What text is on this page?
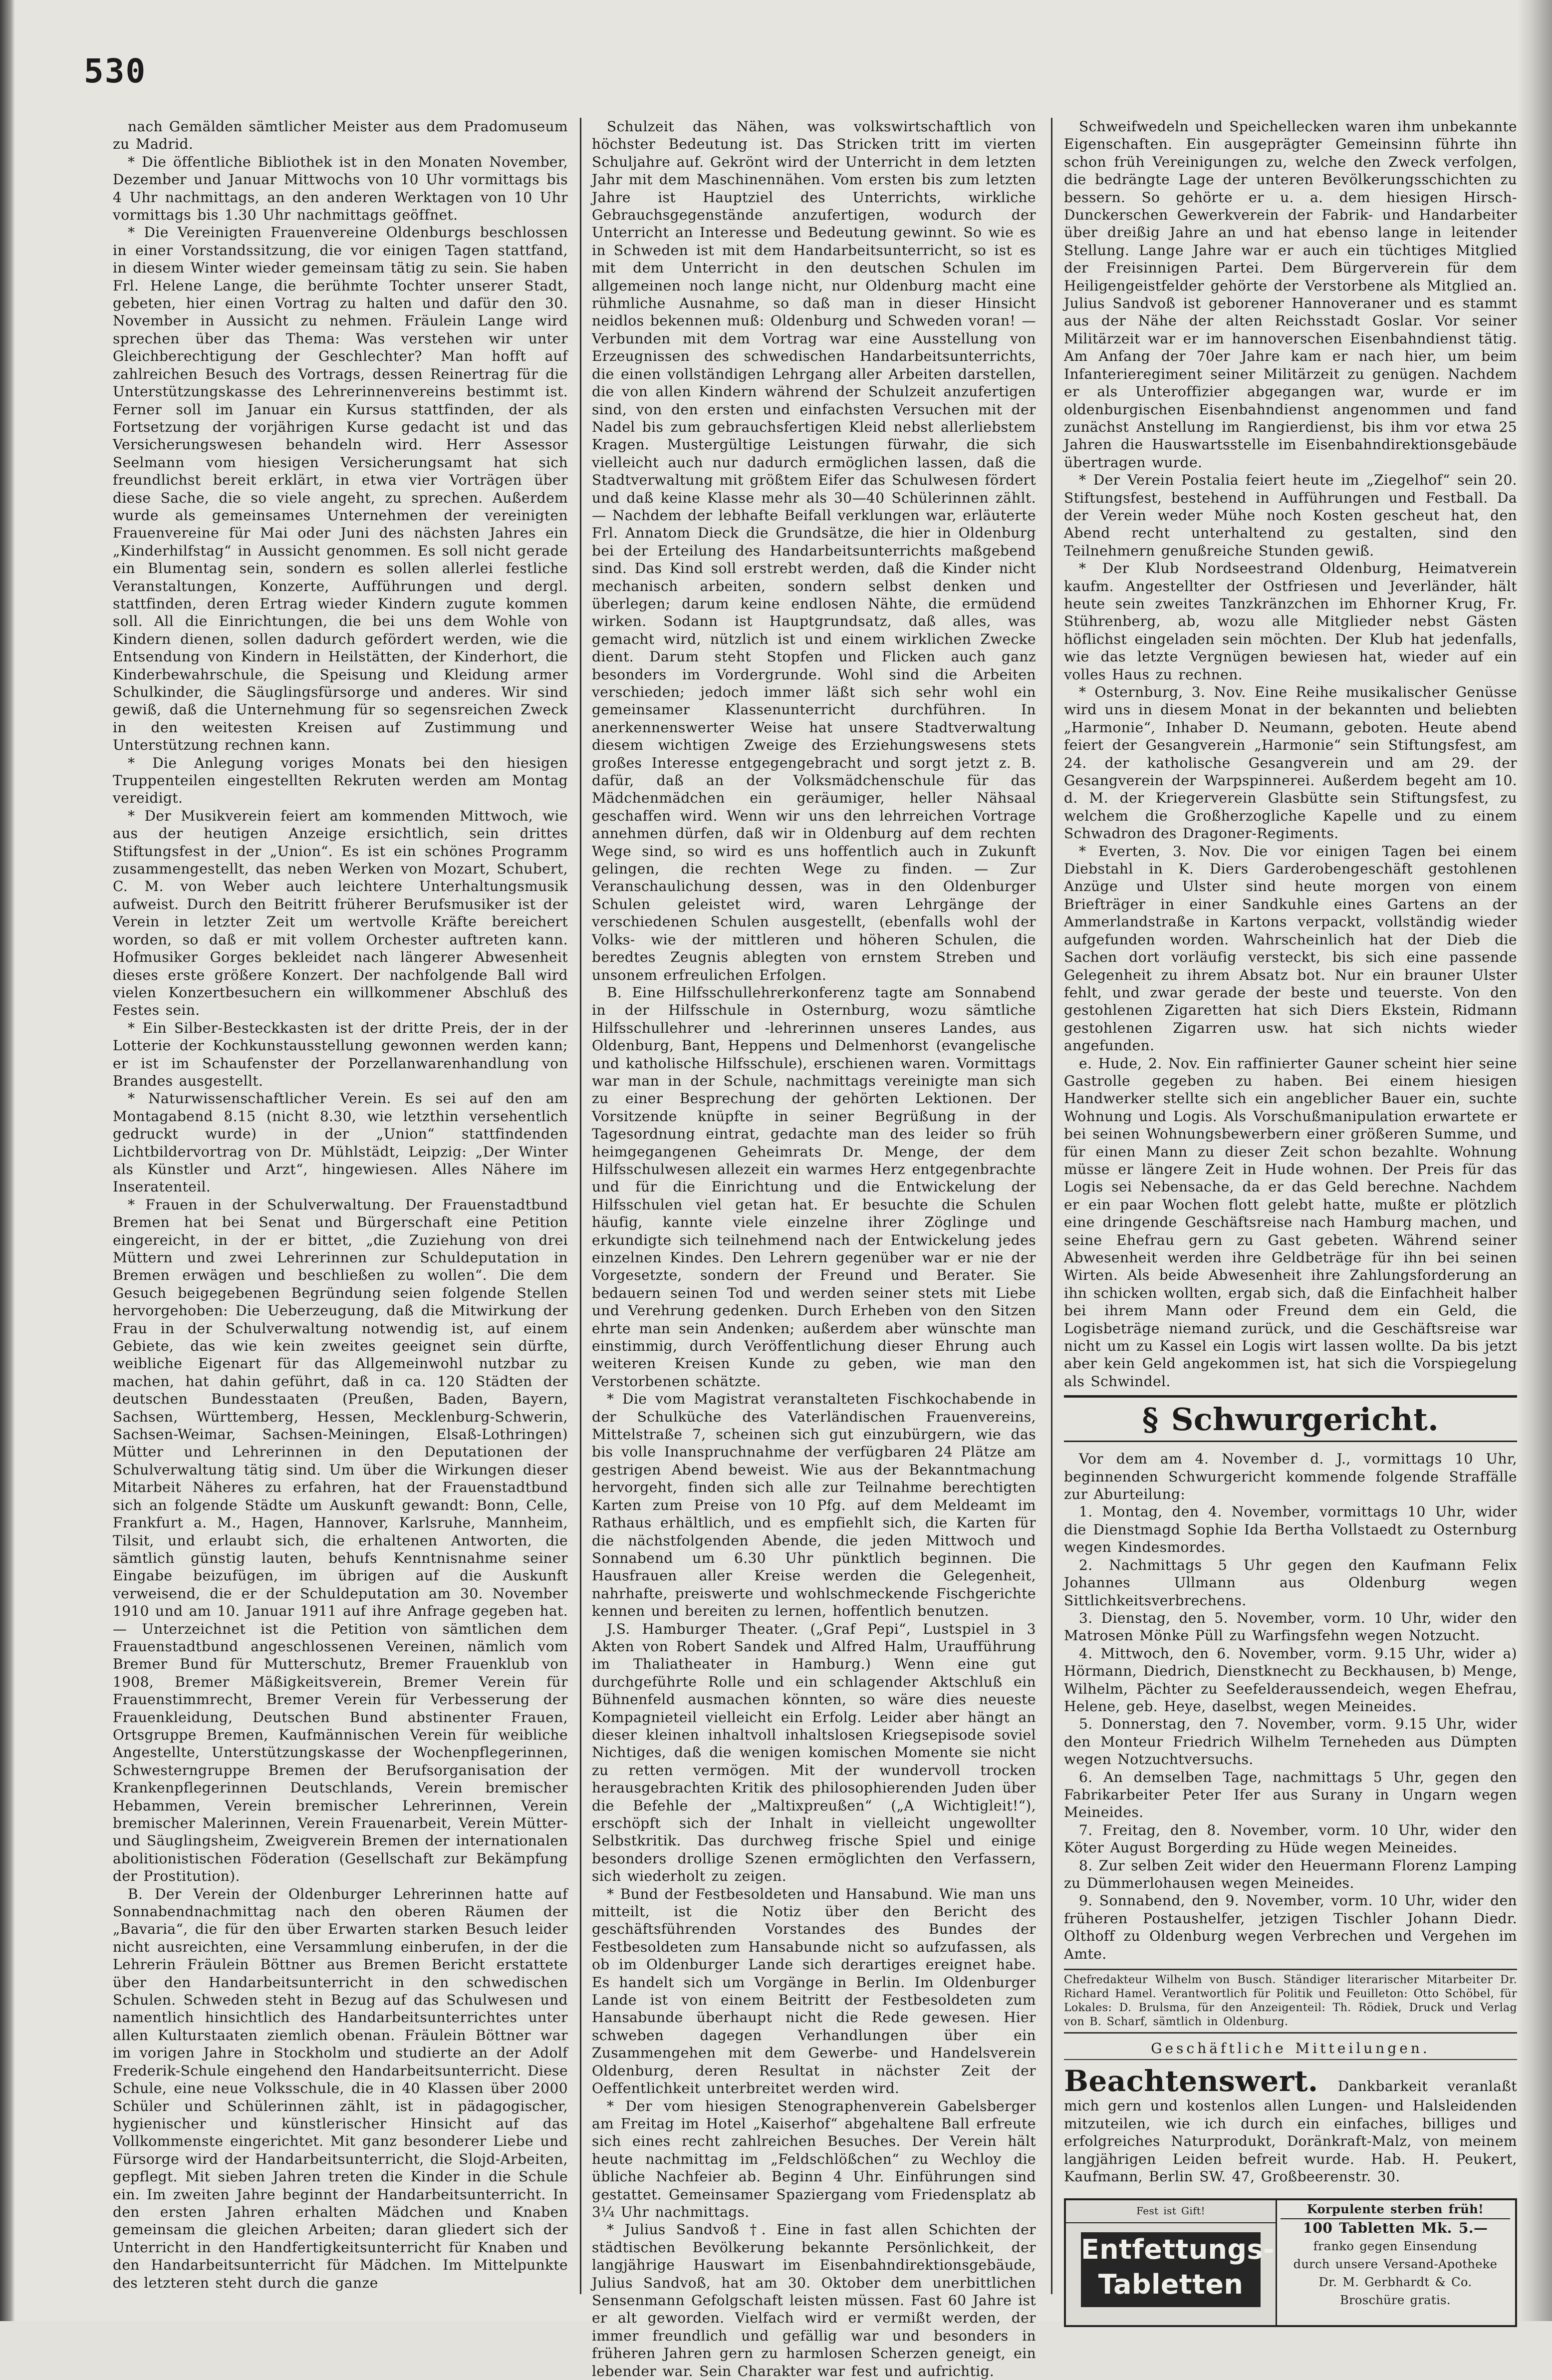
530

nach Gemälden sämtlicher Meister aus dem Pradomuseum zu Madrid.

* Die öffentliche Bibliothek ist in den Monaten November, Dezember und Januar Mittwochs von 10 Uhr vormittags bis 4 Uhr nachmittags, an den anderen Werktagen von 10 Uhr vormittags bis 1.30 Uhr nachmittags geöffnet.

* Die Vereinigten Frauenvereine Oldenburgs beschlossen in einer Vorstandssitzung, die vor einigen Tagen stattfand, in diesem Winter wieder gemeinsam tätig zu sein. Sie haben Frl. Helene Lange, die berühmte Tochter unserer Stadt, gebeten, hier einen Vortrag zu halten und dafür den 30. November in Aussicht zu nehmen. Fräulein Lange wird sprechen über das Thema: Was verstehen wir unter Gleichberechtigung der Geschlechter? Man hofft auf zahlreichen Besuch des Vortrags, dessen Reinertrag für die Unterstützungskasse des Lehrerinnenvereins bestimmt ist. Ferner soll im Januar ein Kursus stattfinden, der als Fortsetzung der vorjährigen Kurse gedacht ist und das Versicherungswesen behandeln wird. Herr Assessor Seelmann vom hiesigen Versicherungsamt hat sich freundlichst bereit erklärt, in etwa vier Vorträgen über diese Sache, die so viele angeht, zu sprechen. Außerdem wurde als gemeinsames Unternehmen der vereinigten Frauenvereine für Mai oder Juni des nächsten Jahres ein „Kinderhilfstag“ in Aussicht genommen. Es soll nicht gerade ein Blumentag sein, sondern es sollen allerlei festliche Veranstaltungen, Konzerte, Aufführungen und dergl. stattfinden, deren Ertrag wieder Kindern zugute kommen soll. All die Einrichtungen, die bei uns dem Wohle von Kindern dienen, sollen dadurch gefördert werden, wie die Entsendung von Kindern in Heilstätten, der Kinderhort, die Kinderbewahrschule, die Speisung und Kleidung armer Schulkinder, die Säuglingsfürsorge und anderes. Wir sind gewiß, daß die Unternehmung für so segensreichen Zweck in den weitesten Kreisen auf Zustimmung und Unterstützung rechnen kann.

* Die Anlegung voriges Monats bei den hiesigen Truppenteilen eingestellten Rekruten werden am Montag vereidigt.

* Der Musikverein feiert am kommenden Mittwoch, wie aus der heutigen Anzeige ersichtlich, sein drittes Stiftungsfest in der „Union“. Es ist ein schönes Programm zusammengestellt, das neben Werken von Mozart, Schubert, C. M. von Weber auch leichtere Unterhaltungsmusik aufweist. Durch den Beitritt früherer Berufsmusiker ist der Verein in letzter Zeit um wertvolle Kräfte bereichert worden, so daß er mit vollem Orchester auftreten kann. Hofmusiker Gorges bekleidet nach längerer Abwesenheit dieses erste größere Konzert. Der nachfolgende Ball wird vielen Konzertbesuchern ein willkommener Abschluß des Festes sein.

* Ein Silber-Besteckkasten ist der dritte Preis, der in der Lotterie der Kochkunstausstellung gewonnen werden kann; er ist im Schaufenster der Porzellanwarenhandlung von Brandes ausgestellt.

* Naturwissenschaftlicher Verein. Es sei auf den am Montagabend 8.15 (nicht 8.30, wie letzthin versehentlich gedruckt wurde) in der „Union“ stattfindenden Lichtbildervortrag von Dr. Mühlstädt, Leipzig: „Der Winter als Künstler und Arzt“, hingewiesen. Alles Nähere im Inseratenteil.

* Frauen in der Schulverwaltung. Der Frauenstadtbund Bremen hat bei Senat und Bürgerschaft eine Petition eingereicht, in der er bittet, „die Zuziehung von drei Müttern und zwei Lehrerinnen zur Schuldeputation in Bremen erwägen und beschließen zu wollen“. Die dem Gesuch beigegebenen Begründung seien folgende Stellen hervorgehoben: Die Ueberzeugung, daß die Mitwirkung der Frau in der Schulverwaltung notwendig ist, auf einem Gebiete, das wie kein zweites geeignet sein dürfte, weibliche Eigenart für das Allgemeinwohl nutzbar zu machen, hat dahin geführt, daß in ca. 120 Städten der deutschen Bundesstaaten (Preußen, Baden, Bayern, Sachsen, Württemberg, Hessen, Mecklenburg-Schwerin, Sachsen-Weimar, Sachsen-Meiningen, Elsaß-Lothringen) Mütter und Lehrerinnen in den Deputationen der Schulverwaltung tätig sind. Um über die Wirkungen dieser Mitarbeit Näheres zu erfahren, hat der Frauenstadtbund sich an folgende Städte um Auskunft gewandt: Bonn, Celle, Frankfurt a. M., Hagen, Hannover, Karlsruhe, Mannheim, Tilsit, und erlaubt sich, die erhaltenen Antworten, die sämtlich günstig lauten, behufs Kenntnisnahme seiner Eingabe beizufügen, im übrigen auf die Auskunft verweisend, die er der Schuldeputation am 30. November 1910 und am 10. Januar 1911 auf ihre Anfrage gegeben hat. — Unterzeichnet ist die Petition von sämtlichen dem Frauenstadtbund angeschlossenen Vereinen, nämlich vom Bremer Bund für Mutterschutz, Bremer Frauenklub von 1908, Bremer Mäßigkeitsverein, Bremer Verein für Frauenstimmrecht, Bremer Verein für Verbesserung der Frauenkleidung, Deutschen Bund abstinenter Frauen, Ortsgruppe Bremen, Kaufmännischen Verein für weibliche Angestellte, Unterstützungskasse der Wochenpflegerinnen, Schwesterngruppe Bremen der Berufsorganisation der Krankenpflegerinnen Deutschlands, Verein bremischer Hebammen, Verein bremischer Lehrerinnen, Verein bremischer Malerinnen, Verein Frauenarbeit, Verein Mütter- und Säuglingsheim, Zweigverein Bremen der internationalen abolitionistischen Föderation (Gesellschaft zur Bekämpfung der Prostitution).

B. Der Verein der Oldenburger Lehrerinnen hatte auf Sonnabendnachmittag nach den oberen Räumen der „Bavaria“, die für den über Erwarten starken Besuch leider nicht ausreichten, eine Versammlung einberufen, in der die Lehrerin Fräulein Böttner aus Bremen Bericht erstattete über den Handarbeitsunterricht in den schwedischen Schulen. Schweden steht in Bezug auf das Schulwesen und namentlich hinsichtlich des Handarbeitsunterrichtes unter allen Kulturstaaten ziemlich obenan. Fräulein Böttner war im vorigen Jahre in Stockholm und studierte an der Adolf Frederik-Schule eingehend den Handarbeitsunterricht. Diese Schule, eine neue Volksschule, die in 40 Klassen über 2000 Schüler und Schülerinnen zählt, ist in pädagogischer, hygienischer und künstlerischer Hinsicht auf das Vollkommenste eingerichtet. Mit ganz besonderer Liebe und Fürsorge wird der Handarbeitsunterricht, die Slojd-Arbeiten, gepflegt. Mit sieben Jahren treten die Kinder in die Schule ein. Im zweiten Jahre beginnt der Handarbeitsunterricht. In den ersten Jahren erhalten Mädchen und Knaben gemeinsam die gleichen Arbeiten; daran gliedert sich der Unterricht in den Handfertigkeitsunterricht für Knaben und den Handarbeitsunterricht für Mädchen. Im Mittelpunkte des letzteren steht durch die ganze

Schulzeit das Nähen, was volkswirtschaftlich von höchster Bedeutung ist. Das Stricken tritt im vierten Schuljahre auf. Gekrönt wird der Unterricht in dem letzten Jahr mit dem Maschinennähen. Vom ersten bis zum letzten Jahre ist Hauptziel des Unterrichts, wirkliche Gebrauchsgegenstände anzufertigen, wodurch der Unterricht an Interesse und Bedeutung gewinnt. So wie es in Schweden ist mit dem Handarbeitsunterricht, so ist es mit dem Unterricht in den deutschen Schulen im allgemeinen noch lange nicht, nur Oldenburg macht eine rühmliche Ausnahme, so daß man in dieser Hinsicht neidlos bekennen muß: Oldenburg und Schweden voran! — Verbunden mit dem Vortrag war eine Ausstellung von Erzeugnissen des schwedischen Handarbeitsunterrichts, die einen vollständigen Lehrgang aller Arbeiten darstellen, die von allen Kindern während der Schulzeit anzufertigen sind, von den ersten und einfachsten Versuchen mit der Nadel bis zum gebrauchsfertigen Kleid nebst allerliebstem Kragen. Mustergültige Leistungen fürwahr, die sich vielleicht auch nur dadurch ermöglichen lassen, daß die Stadtverwaltung mit größtem Eifer das Schulwesen fördert und daß keine Klasse mehr als 30—40 Schülerinnen zählt. — Nachdem der lebhafte Beifall verklungen war, erläuterte Frl. Annatom Dieck die Grundsätze, die hier in Oldenburg bei der Erteilung des Handarbeitsunterrichts maßgebend sind. Das Kind soll erstrebt werden, daß die Kinder nicht mechanisch arbeiten, sondern selbst denken und überlegen; darum keine endlosen Nähte, die ermüdend wirken. Sodann ist Hauptgrundsatz, daß alles, was gemacht wird, nützlich ist und einem wirklichen Zwecke dient. Darum steht Stopfen und Flicken auch ganz besonders im Vordergrunde. Wohl sind die Arbeiten verschieden; jedoch immer läßt sich sehr wohl ein gemeinsamer Klassenunterricht durchführen. In anerkennenswerter Weise hat unsere Stadtverwaltung diesem wichtigen Zweige des Erziehungswesens stets großes Interesse entgegengebracht und sorgt jetzt z. B. dafür, daß an der Volksmädchenschule für das Mädchenmädchen ein geräumiger, heller Nähsaal geschaffen wird. Wenn wir uns den lehrreichen Vortrage annehmen dürfen, daß wir in Oldenburg auf dem rechten Wege sind, so wird es uns hoffentlich auch in Zukunft gelingen, die rechten Wege zu finden. — Zur Veranschaulichung dessen, was in den Oldenburger Schulen geleistet wird, waren Lehrgänge der verschiedenen Schulen ausgestellt, (ebenfalls wohl der Volks- wie der mittleren und höheren Schulen, die beredtes Zeugnis ablegten von ernstem Streben und unsonem erfreulichen Erfolgen.

B. Eine Hilfsschullehrerkonferenz tagte am Sonnabend in der Hilfsschule in Osternburg, wozu sämtliche Hilfsschullehrer und -lehrerinnen unseres Landes, aus Oldenburg, Bant, Heppens und Delmenhorst (evangelische und katholische Hilfsschule), erschienen waren. Vormittags war man in der Schule, nachmittags vereinigte man sich zu einer Besprechung der gehörten Lektionen. Der Vorsitzende knüpfte in seiner Begrüßung in der Tagesordnung eintrat, gedachte man des leider so früh heimgegangenen Geheimrats Dr. Menge, der dem Hilfsschulwesen allezeit ein warmes Herz entgegenbrachte und für die Einrichtung und die Entwickelung der Hilfsschulen viel getan hat. Er besuchte die Schulen häufig, kannte viele einzelne ihrer Zöglinge und erkundigte sich teilnehmend nach der Entwickelung jedes einzelnen Kindes. Den Lehrern gegenüber war er nie der Vorgesetzte, sondern der Freund und Berater. Sie bedauern seinen Tod und werden seiner stets mit Liebe und Verehrung gedenken. Durch Erheben von den Sitzen ehrte man sein Andenken; außerdem aber wünschte man einstimmig, durch Veröffentlichung dieser Ehrung auch weiteren Kreisen Kunde zu geben, wie man den Verstorbenen schätzte.

* Die vom Magistrat veranstalteten Fischkochabende in der Schulküche des Vaterländischen Frauenvereins, Mittelstraße 7, scheinen sich gut einzubürgern, wie das bis volle Inanspruchnahme der verfügbaren 24 Plätze am gestrigen Abend beweist. Wie aus der Bekanntmachung hervorgeht, finden sich alle zur Teilnahme berechtigten Karten zum Preise von 10 Pfg. auf dem Meldeamt im Rathaus erhältlich, und es empfiehlt sich, die Karten für die nächstfolgenden Abende, die jeden Mittwoch und Sonnabend um 6.30 Uhr pünktlich beginnen. Die Hausfrauen aller Kreise werden die Gelegenheit, nahrhafte, preiswerte und wohlschmeckende Fischgerichte kennen und bereiten zu lernen, hoffentlich benutzen.

J.S. Hamburger Theater. („Graf Pepi“, Lustspiel in 3 Akten von Robert Sandek und Alfred Halm, Uraufführung im Thaliatheater in Hamburg.) Wenn eine gut durchgeführte Rolle und ein schlagender Aktschluß ein Bühnenfeld ausmachen könnten, so wäre dies neueste Kompagnieteil vielleicht ein Erfolg. Leider aber hängt an dieser kleinen inhaltvoll inhaltslosen Kriegsepisode soviel Nichtiges, daß die wenigen komischen Momente sie nicht zu retten vermögen. Mit der wundervoll trocken herausgebrachten Kritik des philosophierenden Juden über die Befehle der „Maltixpreußen“ („A Wichtigleit!“), erschöpft sich der Inhalt in vielleicht ungewollter Selbstkritik. Das durchweg frische Spiel und einige besonders drollige Szenen ermöglichten den Verfassern, sich wiederholt zu zeigen.

* Bund der Festbesoldeten und Hansabund. Wie man uns mitteilt, ist die Notiz über den Bericht des geschäftsführenden Vorstandes des Bundes der Festbesoldeten zum Hansabunde nicht so aufzufassen, als ob im Oldenburger Lande sich derartiges ereignet habe. Es handelt sich um Vorgänge in Berlin. Im Oldenburger Lande ist von einem Beitritt der Festbesoldeten zum Hansabunde überhaupt nicht die Rede gewesen. Hier schweben dagegen Verhandlungen über ein Zusammengehen mit dem Gewerbe- und Handelsverein Oldenburg, deren Resultat in nächster Zeit der Oeffentlichkeit unterbreitet werden wird.

* Der vom hiesigen Stenographenverein Gabelsberger am Freitag im Hotel „Kaiserhof“ abgehaltene Ball erfreute sich eines recht zahlreichen Besuches. Der Verein hält heute nachmittag im „Feldschlößchen“ zu Wechloy die übliche Nachfeier ab. Beginn 4 Uhr. Einführungen sind gestattet. Gemeinsamer Spaziergang vom Friedensplatz ab 3¼ Uhr nachmittags.

* Julius Sandvoß †. Eine in fast allen Schichten der städtischen Bevölkerung bekannte Persönlichkeit, der langjährige Hauswart im Eisenbahndirektionsgebäude, Julius Sandvoß, hat am 30. Oktober dem unerbittlichen Sensenmann Gefolgschaft leisten müssen. Fast 60 Jahre ist er alt geworden. Vielfach wird er vermißt werden, der immer freundlich und gefällig war und besonders in früheren Jahren gern zu harmlosen Scherzen geneigt, ein lebender war. Sein Charakter war fest und aufrichtig.

Schweifwedeln und Speichellecken waren ihm unbekannte Eigenschaften. Ein ausgeprägter Gemeinsinn führte ihn schon früh Vereinigungen zu, welche den Zweck verfolgen, die bedrängte Lage der unteren Bevölkerungsschichten zu bessern. So gehörte er u. a. dem hiesigen Hirsch-Dunckerschen Gewerkverein der Fabrik- und Handarbeiter über dreißig Jahre an und hat ebenso lange in leitender Stellung. Lange Jahre war er auch ein tüchtiges Mitglied der Freisinnigen Partei. Dem Bürgerverein für dem Heiligengeistfelder gehörte der Verstorbene als Mitglied an. Julius Sandvoß ist geborener Hannoveraner und es stammt aus der Nähe der alten Reichsstadt Goslar. Vor seiner Militärzeit war er im hannoverschen Eisenbahndienst tätig. Am Anfang der 70er Jahre kam er nach hier, um beim Infanterieregiment seiner Militärzeit zu genügen. Nachdem er als Unteroffizier abgegangen war, wurde er im oldenburgischen Eisenbahndienst angenommen und fand zunächst Anstellung im Rangierdienst, bis ihm vor etwa 25 Jahren die Hauswartsstelle im Eisenbahndirektionsgebäude übertragen wurde.

* Der Verein Postalia feiert heute im „Ziegelhof“ sein 20. Stiftungsfest, bestehend in Aufführungen und Festball. Da der Verein weder Mühe noch Kosten gescheut hat, den Abend recht unterhaltend zu gestalten, sind den Teilnehmern genußreiche Stunden gewiß.

* Der Klub Nordseestrand Oldenburg, Heimatverein kaufm. Angestellter der Ostfriesen und Jeverländer, hält heute sein zweites Tanzkränzchen im Ehhorner Krug, Fr. Stührenberg, ab, wozu alle Mitglieder nebst Gästen höflichst eingeladen sein möchten. Der Klub hat jedenfalls, wie das letzte Vergnügen bewiesen hat, wieder auf ein volles Haus zu rechnen.

* Osternburg, 3. Nov. Eine Reihe musikalischer Genüsse wird uns in diesem Monat in der bekannten und beliebten „Harmonie“, Inhaber D. Neumann, geboten. Heute abend feiert der Gesangverein „Harmonie“ sein Stiftungsfest, am 24. der katholische Gesangverein und am 29. der Gesangverein der Warpspinnerei. Außerdem begeht am 10. d. M. der Kriegerverein Glasbütte sein Stiftungsfest, zu welchem die Großherzogliche Kapelle und zu einem Schwadron des Dragoner-Regiments.

* Everten, 3. Nov. Die vor einigen Tagen bei einem Diebstahl in K. Diers Garderobengeschäft gestohlenen Anzüge und Ulster sind heute morgen von einem Briefträger in einer Sandkuhle eines Gartens an der Ammerlandstraße in Kartons verpackt, vollständig wieder aufgefunden worden. Wahrscheinlich hat der Dieb die Sachen dort vorläufig versteckt, bis sich eine passende Gelegenheit zu ihrem Absatz bot. Nur ein brauner Ulster fehlt, und zwar gerade der beste und teuerste. Von den gestohlenen Zigaretten hat sich Diers Ekstein, Ridmann gestohlenen Zigarren usw. hat sich nichts wieder angefunden.

e. Hude, 2. Nov. Ein raffinierter Gauner scheint hier seine Gastrolle gegeben zu haben. Bei einem hiesigen Handwerker stellte sich ein angeblicher Bauer ein, suchte Wohnung und Logis. Als Vorschußmanipulation erwartete er bei seinen Wohnungsbewerbern einer größeren Summe, und für einen Mann zu dieser Zeit schon bezahlte. Wohnung müsse er längere Zeit in Hude wohnen. Der Preis für das Logis sei Nebensache, da er das Geld berechne. Nachdem er ein paar Wochen flott gelebt hatte, mußte er plötzlich eine dringende Geschäftsreise nach Hamburg machen, und seine Ehefrau gern zu Gast gebeten. Während seiner Abwesenheit werden ihre Geldbeträge für ihn bei seinen Wirten. Als beide Abwesenheit ihre Zahlungsforderung an ihn schicken wollten, ergab sich, daß die Einfachheit halber bei ihrem Mann oder Freund dem ein Geld, die Logisbeträge niemand zurück, und die Geschäftsreise war nicht um zu Kassel ein Logis wirt lassen wollte. Da bis jetzt aber kein Geld angekommen ist, hat sich die Vorspiegelung als Schwindel.

§ Schwurgericht.

Vor dem am 4. November d. J., vormittags 10 Uhr, beginnenden Schwurgericht kommende folgende Straffälle zur Aburteilung:

1. Montag, den 4. November, vormittags 10 Uhr, wider die Dienstmagd Sophie Ida Bertha Vollstaedt zu Osternburg wegen Kindesmordes.

2. Nachmittags 5 Uhr gegen den Kaufmann Felix Johannes Ullmann aus Oldenburg wegen Sittlichkeitsverbrechens.

3. Dienstag, den 5. November, vorm. 10 Uhr, wider den Matrosen Mönke Püll zu Warfingsfehn wegen Notzucht.

4. Mittwoch, den 6. November, vorm. 9.15 Uhr, wider a) Hörmann, Diedrich, Dienstknecht zu Beckhausen, b) Menge, Wilhelm, Pächter zu Seefelderaussendeich, wegen Ehefrau, Helene, geb. Heye, daselbst, wegen Meineides.

5. Donnerstag, den 7. November, vorm. 9.15 Uhr, wider den Monteur Friedrich Wilhelm Terneheden aus Dümpten wegen Notzuchtversuchs.

6. An demselben Tage, nachmittags 5 Uhr, gegen den Fabrikarbeiter Peter Ifer aus Surany in Ungarn wegen Meineides.

7. Freitag, den 8. November, vorm. 10 Uhr, wider den Köter August Borgerding zu Hüde wegen Meineides.

8. Zur selben Zeit wider den Heuermann Florenz Lamping zu Dümmerlohausen wegen Meineides.

9. Sonnabend, den 9. November, vorm. 10 Uhr, wider den früheren Postaushelfer, jetzigen Tischler Johann Diedr. Olthoff zu Oldenburg wegen Verbrechen und Vergehen im Amte.

Chefredakteur Wilhelm von Busch. Ständiger literarischer Mitarbeiter Dr. Richard Hamel. Verantwortlich für Politik und Feuilleton: Otto Schöbel, für Lokales: D. Brulsma, für den Anzeigenteil: Th. Rödiek, Druck und Verlag von B. Scharf, sämtlich in Oldenburg.
Geschäftliche Mitteilungen.
Beachtenswert. Dankbarkeit veranlaßt mich gern und kostenlos allen Lungen- und Halsleidenden mitzuteilen, wie ich durch ein einfaches, billiges und erfolgreiches Naturprodukt, Doränkraft-Malz, von meinem langjährigen Leiden befreit wurde. Hab. H. Peukert, Kaufmann, Berlin SW. 47, Großbeerenstr. 30.
Fest ist Gift!
Entfettungs-
Tabletten
Korpulente sterben früh!
100 Tabletten Mk. 5.—
franko gegen Einsendung
durch unsere Versand-Apotheke
Dr. M. Gerbhardt & Co.
Broschüre gratis.
